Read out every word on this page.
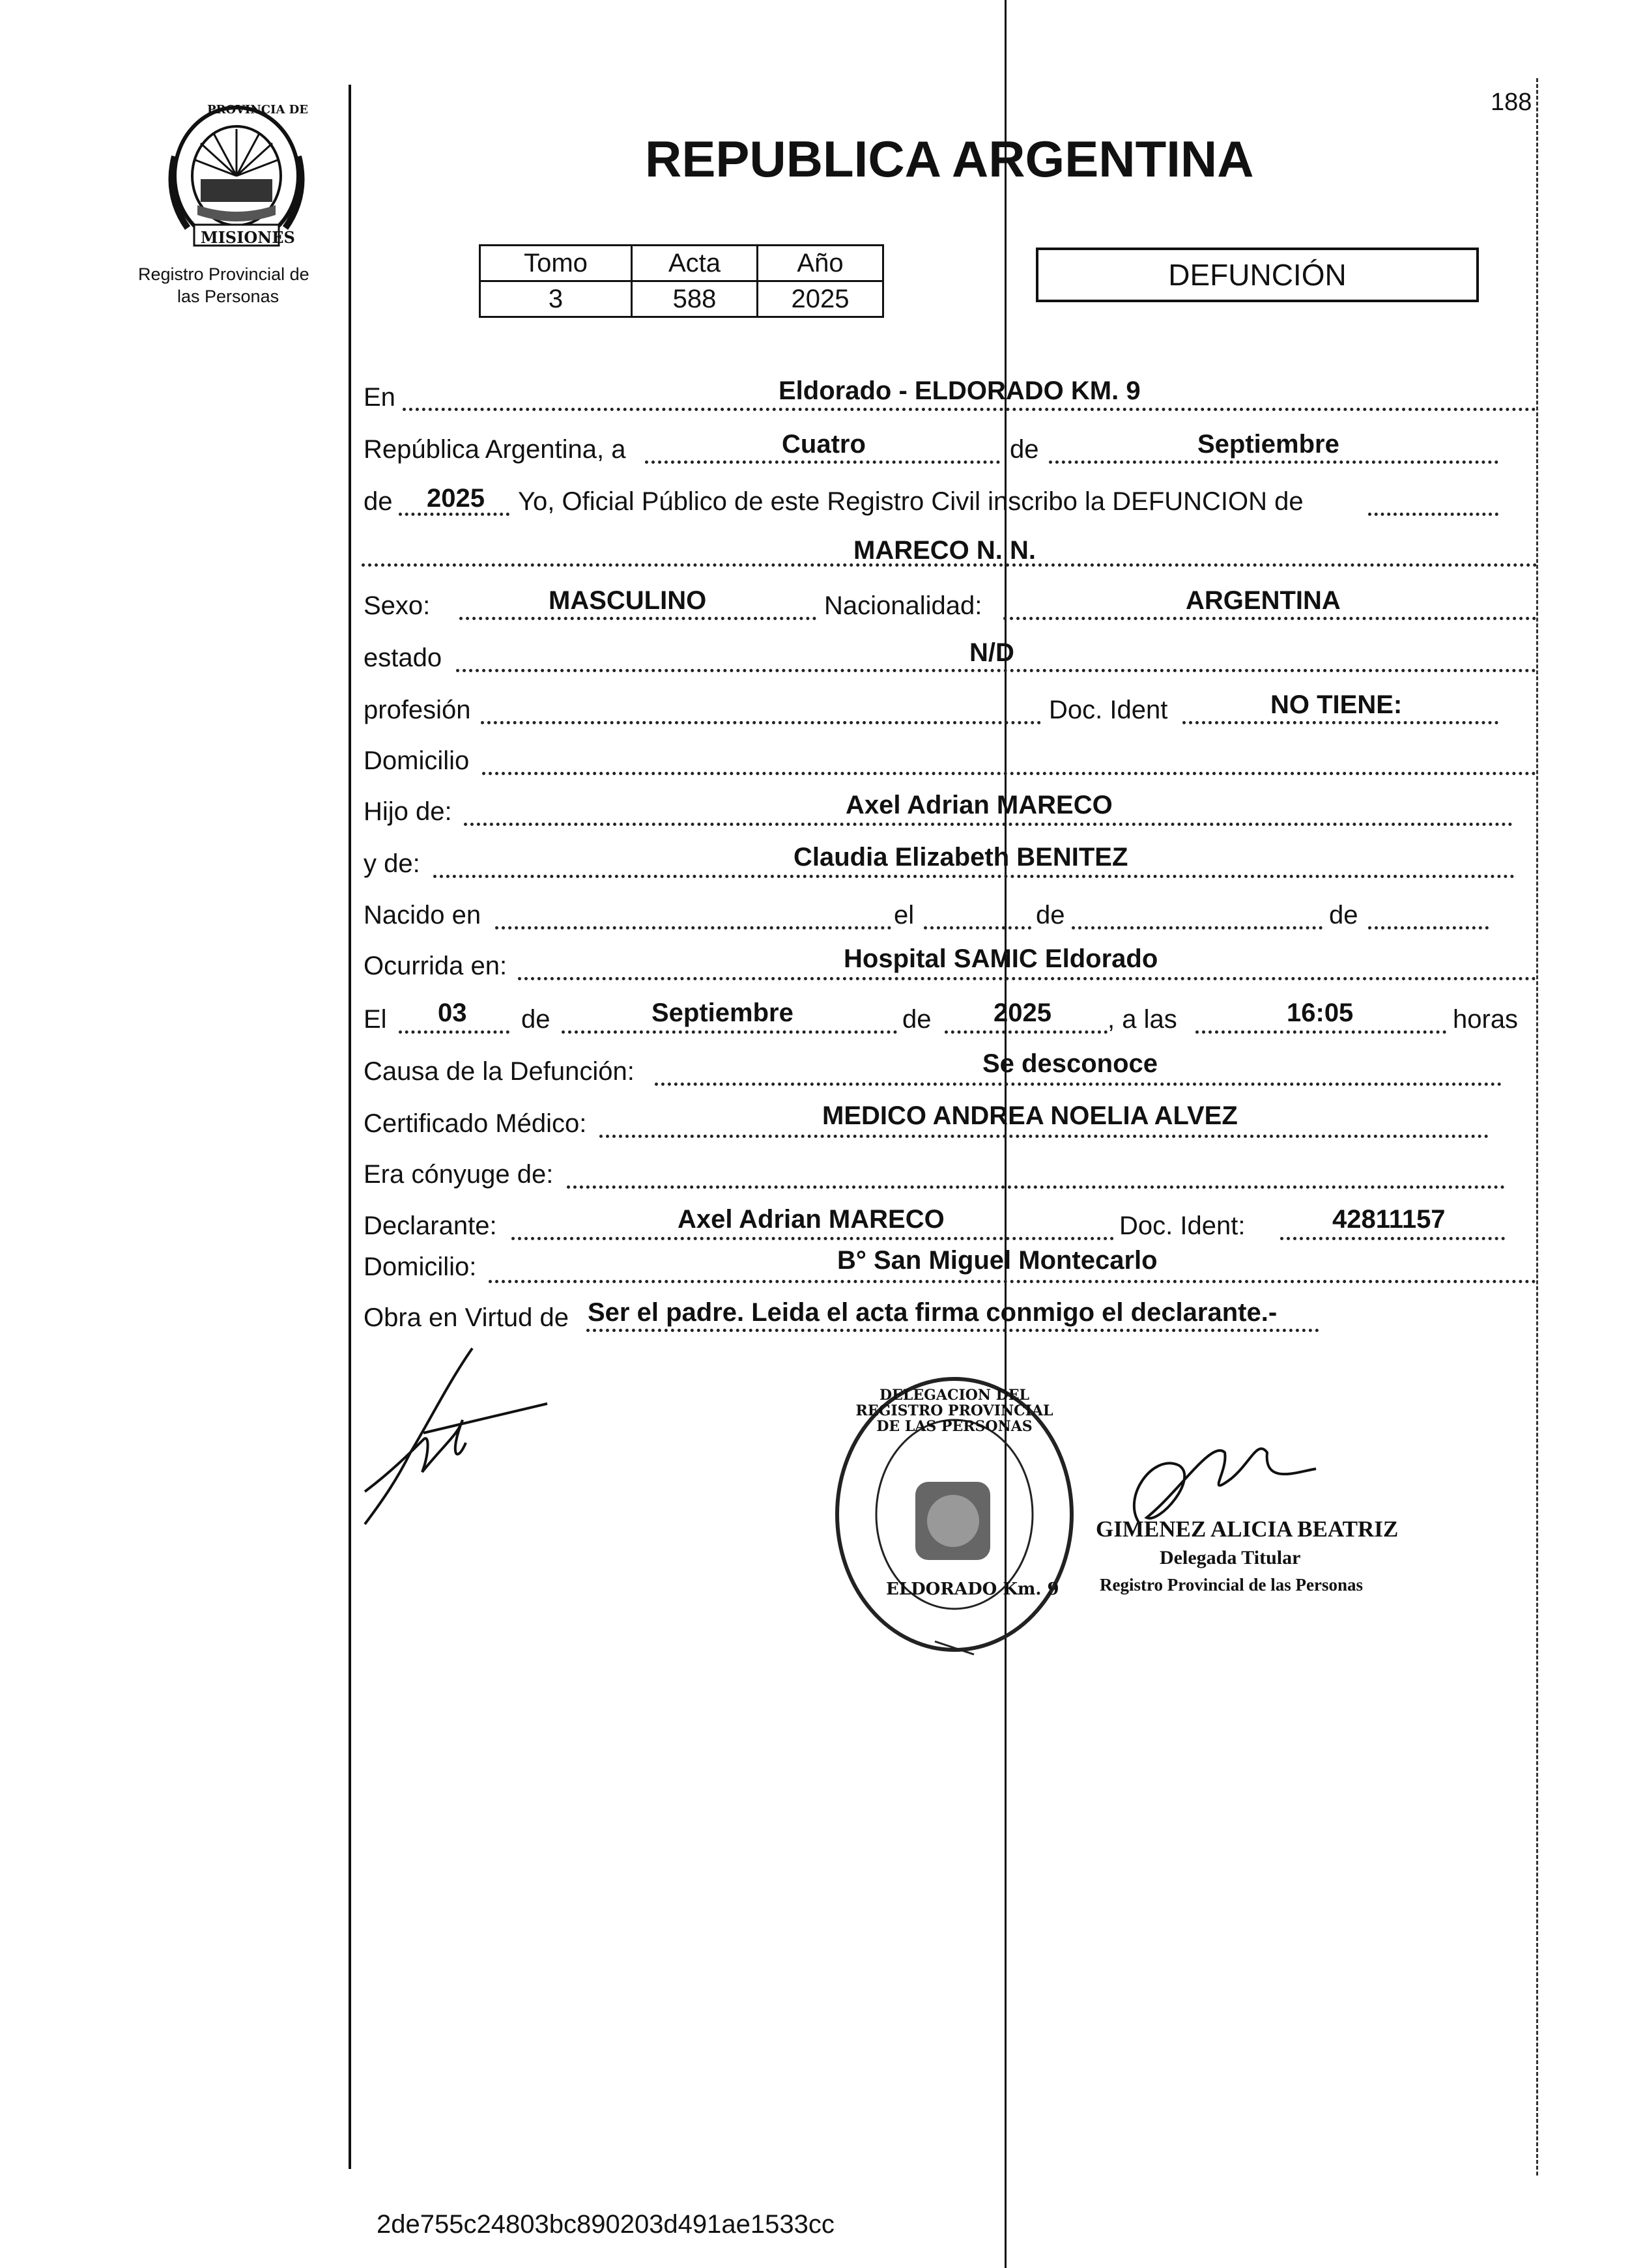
188
PROVINCIA DE
MISIONES
Registro Provincial de
las Personas
REPUBLICA ARGENTINA
Tomo	Acta	Año
3	588	2025
DEFUNCIÓN
En	Eldorado - ELDORADO KM. 9
República Argentina, a	Cuatro	de	Septiembre
de 2025 Yo, Oficial Público de este Registro Civil inscribo la DEFUNCION de
MARECO N. N.
Sexo:	MASCULINO	Nacionalidad:	ARGENTINA
estado	N/D
profesión	Doc. Ident	NO TIENE:
Domicilio
Hijo de:	Axel Adrian MARECO
y de:	Claudia Elizabeth BENITEZ
Nacido en	el	de	de
Ocurrida en:	Hospital SAMIC Eldorado
El 03 de	Septiembre	de 2025 , a las	16:05	horas
Causa de la Defunción:	Se desconoce
Certificado Médico:	MEDICO ANDREA NOELIA ALVEZ
Era cónyuge de:
Declarante:	Axel Adrian MARECO	Doc. Ident:	42811157
Domicilio:	B° San Miguel Montecarlo
Obra en Virtud de Ser el padre. Leida el acta firma conmigo el declarante.-
DELEGACION DEL REGISTRO PROVINCIAL DE LAS PERSONAS
ELDORADO Km. 9
GIMENEZ ALICIA BEATRIZ
Delegada Titular
Registro Provincial de las Personas
2de755c24803bc890203d491ae1533cc
